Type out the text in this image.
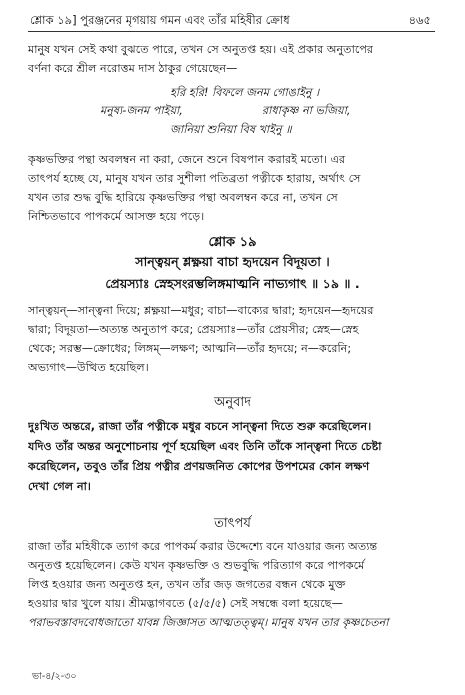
শ্লোক ১৯] পুরঞ্জনের মৃগয়ায় গমন এবং তাঁর মহিষীর ক্রোধ	৪৬৫
মানুষ যখন সেই কথা বুঝতে পারে, তখন সে অনুতপ্ত হয়। এই প্রকার অনুতাপের
বর্ণনা করে শ্রীল নরোত্তম দাস ঠাকুর গেয়েছেন—
হরি হরি! বিফলে জনম গোঙাইনু ।
মনুষ্য-জনম পাইয়া,	রাধাকৃষ্ণ না ভজিয়া,
জানিয়া শুনিয়া বিষ খাইনু ॥
কৃষ্ণভক্তির পন্থা অবলম্বন না করা, জেনে শুনে বিষপান করারই মতো। এর
তাৎপর্য হচ্ছে যে, মানুষ যখন তার সুশীলা পতিব্রতা পত্নীকে হারায়, অর্থাৎ সে
যখন তার শুদ্ধ বুদ্ধি হারিয়ে কৃষ্ণভক্তির পন্থা অবলম্বন করে না, তখন সে
নিশ্চিতভাবে পাপকর্মে আসক্ত হয়ে পড়ে।
শ্লোক ১৯
সান্ত্বয়ন্ শ্লক্ষ্ণয়া বাচা হৃদয়েন বিদূয়তা ।
প্রেয়স্যাঃ স্নেহসংরম্ভলিঙ্গমাত্মনি নাভ্যগাৎ ॥ ১৯ ॥ .
সান্ত্বয়ন্—সান্ত্বনা দিয়ে; শ্লক্ষ্ণয়া—মধুর; বাচা—বাক্যের দ্বারা; হৃদয়েন—হৃদয়ের
দ্বারা; বিদূয়তা—অত্যন্ত অনুতাপ করে; প্রেয়স্যাঃ—তাঁর প্রেয়সীর; স্নেহ—স্নেহ
থেকে; সরম্ভ—ক্রোধের; লিঙ্গম্—লক্ষণ; আত্মনি—তাঁর হৃদয়ে; ন—করেনি;
অভ্যগাৎ—উত্থিত হয়েছিল।
অনুবাদ
দুঃখিত অন্তরে, রাজা তাঁর পত্নীকে মধুর বচনে সান্ত্বনা দিতে শুরু করেছিলেন।
যদিও তাঁর অন্তর অনুশোচনায় পূর্ণ হয়েছিল এবং তিনি তাঁকে সান্ত্বনা দিতে চেষ্টা
করেছিলেন, তবুও তাঁর প্রিয় পত্নীর প্রণয়জনিত কোপের উপশমের কোন লক্ষণ
দেখা গেল না।
তাৎপর্য
রাজা তাঁর মহিষীকে ত্যাগ করে পাপকর্ম করার উদ্দেশ্যে বনে যাওয়ার জন্য অত্যন্ত
অনুতপ্ত হয়েছিলেন। কেউ যখন কৃষ্ণভক্তি ও শুভবুদ্ধি পরিত্যাগ করে পাপকর্মে
লিপ্ত হওয়ার জন্য অনুতপ্ত হন, তখন তাঁর জড় জগতের বন্ধন থেকে মুক্ত
হওয়ার দ্বার খুলে যায়। শ্রীমদ্ভাগবতে (৫/৫/৫) সেই সম্বন্ধে বলা হয়েছে—
পরাভবস্তাবদবোধজাতো যাবন্ন জিজ্ঞাসত আত্মতত্ত্বম্। মানুষ যখন তার কৃষ্ণচেতনা
ভা-৪/২-৩০
